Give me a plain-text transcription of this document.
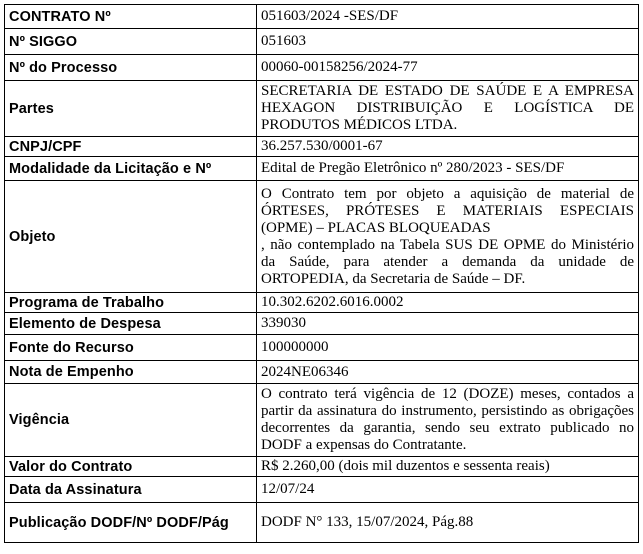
CONTRATO Nº	051603/2024 -SES/DF
Nº SIGGO	051603
Nº do Processo	00060-00158256/2024-77
Partes	SECRETARIA DE ESTADO DE SAÚDE E A EMPRESA HEXAGON DISTRIBUIÇÃO E LOGÍSTICA DE PRODUTOS MÉDICOS LTDA.
CNPJ/CPF	36.257.530/0001-67
Modalidade da Licitação e Nº	Edital de Pregão Eletrônico nº 280/2023 - SES/DF
Objeto	O Contrato tem por objeto a aquisição de material de ÓRTESES, PRÓTESES E MATERIAIS ESPECIAIS (OPME) – PLACAS BLOQUEADAS
, não contemplado na Tabela SUS DE OPME do Ministério da Saúde, para atender a demanda da unidade de ORTOPEDIA, da Secretaria de Saúde – DF.
Programa de Trabalho	10.302.6202.6016.0002
Elemento de Despesa	339030
Fonte do Recurso	100000000
Nota de Empenho	2024NE06346
Vigência	O contrato terá vigência de 12 (DOZE) meses, contados a partir da assinatura do instrumento, persistindo as obrigações decorrentes da garantia, sendo seu extrato publicado no DODF a expensas do Contratante.
Valor do Contrato	R$ 2.260,00 (dois mil duzentos e sessenta reais)
Data da Assinatura	12/07/24
Publicação DODF/Nº DODF/Pág	DODF N° 133, 15/07/2024, Pág.88
